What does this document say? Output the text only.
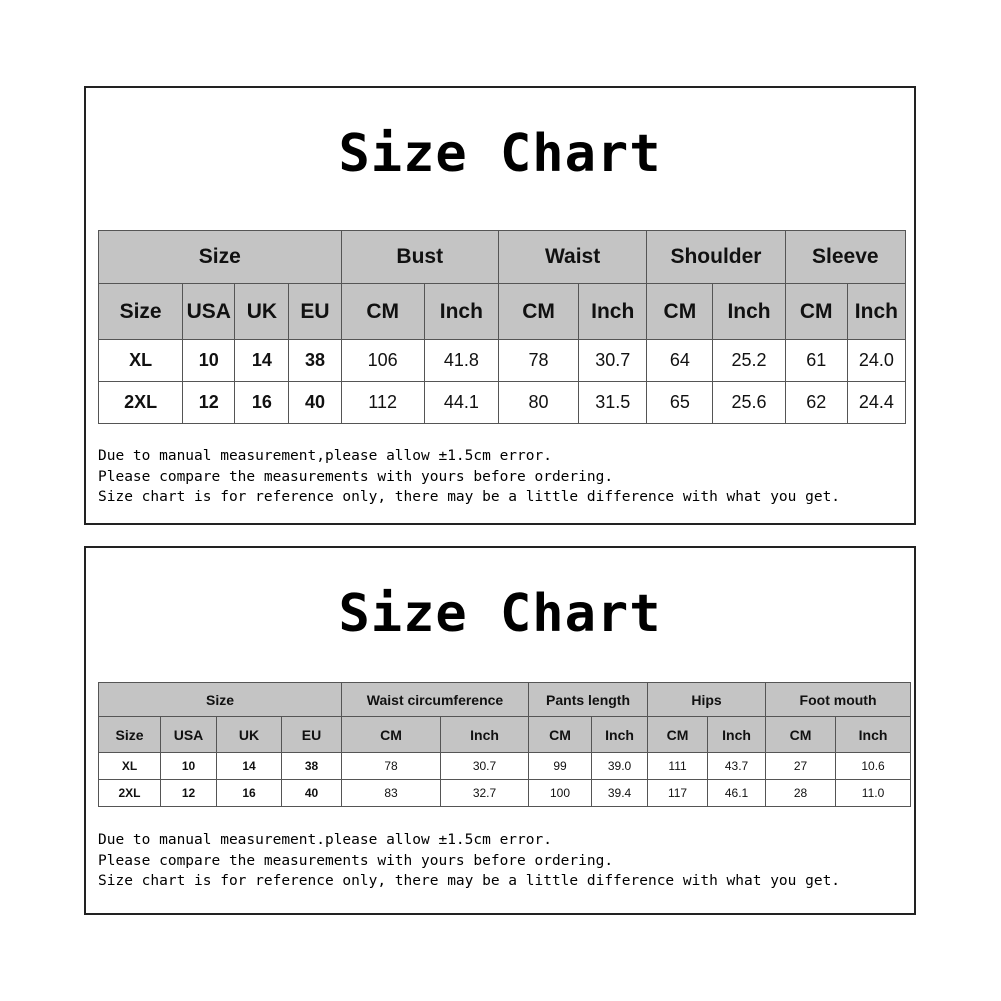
Size Chart
Size				Bust		Waist		Shoulder		Sleeve	
Size	USA	UK	EU	CM	Inch	CM	Inch	CM	Inch	CM	Inch
XL	10	14	38	106	41.8	78	30.7	64	25.2	61	24.0
2XL	12	16	40	112	44.1	80	31.5	65	25.6	62	24.4
Due to manual measurement,please allow ±1.5cm error.
Please compare the measurements with yours before ordering.
Size chart is for reference only, there may be a little difference with what you get.
Size Chart
Size				Waist circumference		Pants length		Hips		Foot mouth	
Size	USA	UK	EU	CM	Inch	CM	Inch	CM	Inch	CM	Inch
XL	10	14	38	78	30.7	99	39.0	111	43.7	27	10.6
2XL	12	16	40	83	32.7	100	39.4	117	46.1	28	11.0
Due to manual measurement.please allow ±1.5cm error.
Please compare the measurements with yours before ordering.
Size chart is for reference only, there may be a little difference with what you get.
